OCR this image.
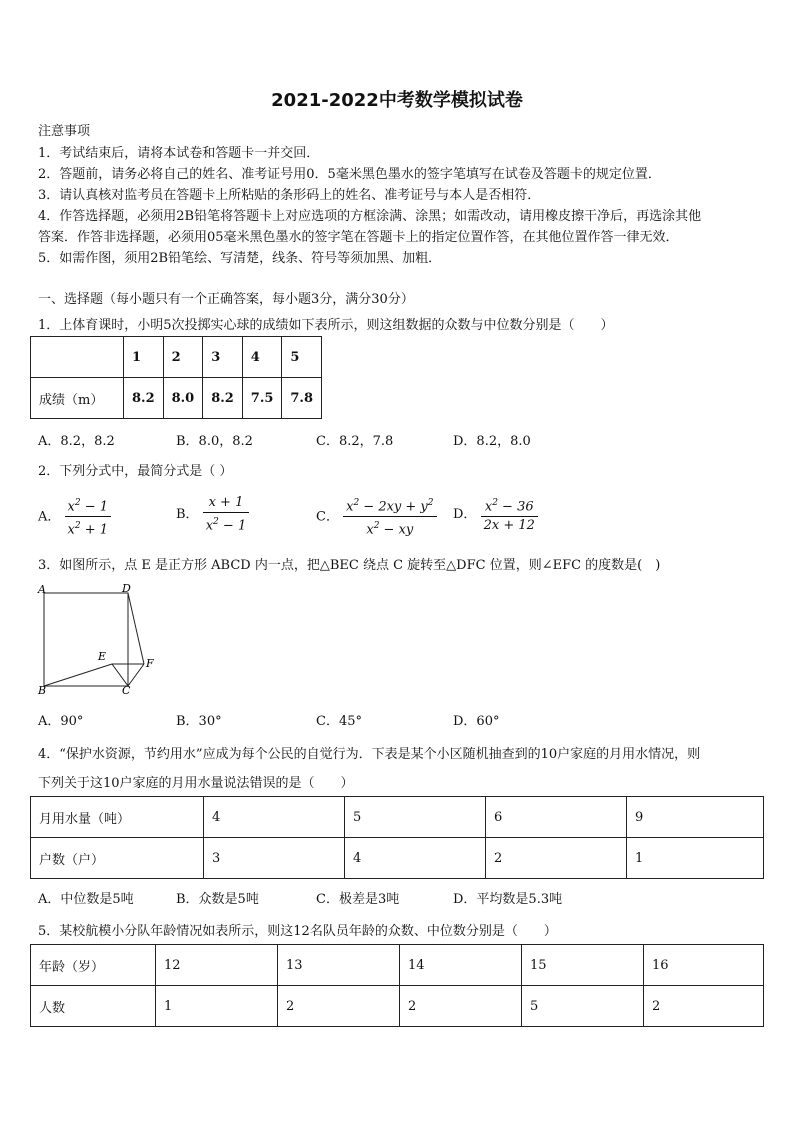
2021-2022中考数学模拟试卷
注意事项
1．考试结束后，请将本试卷和答题卡一并交回．
2．答题前，请务必将自己的姓名、准考证号用0．5毫米黑色墨水的签字笔填写在试卷及答题卡的规定位置．
3．请认真核对监考员在答题卡上所粘贴的条形码上的姓名、准考证号与本人是否相符．
4．作答选择题，必须用2B铅笔将答题卡上对应选项的方框涂满、涂黑；如需改动，请用橡皮擦干净后，再选涂其他
答案．作答非选择题，必须用05毫米黑色墨水的签字笔在答题卡上的指定位置作答，在其他位置作答一律无效．
5．如需作图，须用2B铅笔绘、写清楚，线条、符号等须加黑、加粗．
一、选择题（每小题只有一个正确答案，每小题3分，满分30分）
1．上体育课时，小明5次投掷实心球的成绩如下表所示，则这组数据的众数与中位数分别是（　　）
	1	2	3	4	5
成绩（m）	8.2	8.0	8.2	7.5	7.8
A．8.2，8.2	B．8.0，8.2	C．8.2，7.8	D．8.2，8.0
2．下列分式中，最简分式是（ ）
A． $\frac{x^2 - 1}{x^2 + 1}$	B． $\frac{x + 1}{x^2 - 1}$	C． $\frac{x^2 - 2xy + y^2}{x^2 - xy}$ D． $\frac{x^2 - 36}{2x + 12}$
3．如图所示，点 E 是正方形 ABCD 内一点，把△BEC 绕点 C 旋转至△DFC 位置，则∠EFC 的度数是(　)
A	D
E
F
B	C
A．90°	B．30°	C．45°	D．60°
4．“保护水资源，节约用水”应成为每个公民的自觉行为．下表是某个小区随机抽查到的10户家庭的月用水情况，则
下列关于这10户家庭的月用水量说法错误的是（　　）
月用水量（吨）	4	5	6	9
户数（户）	3	4	2	1
A．中位数是5吨	B．众数是5吨	C．极差是3吨	D．平均数是5.3吨
5．某校航模小分队年龄情况如表所示，则这12名队员年龄的众数、中位数分别是（　　）
年龄（岁）	12	13	14	15	16
人数	1	2	2	5	2
